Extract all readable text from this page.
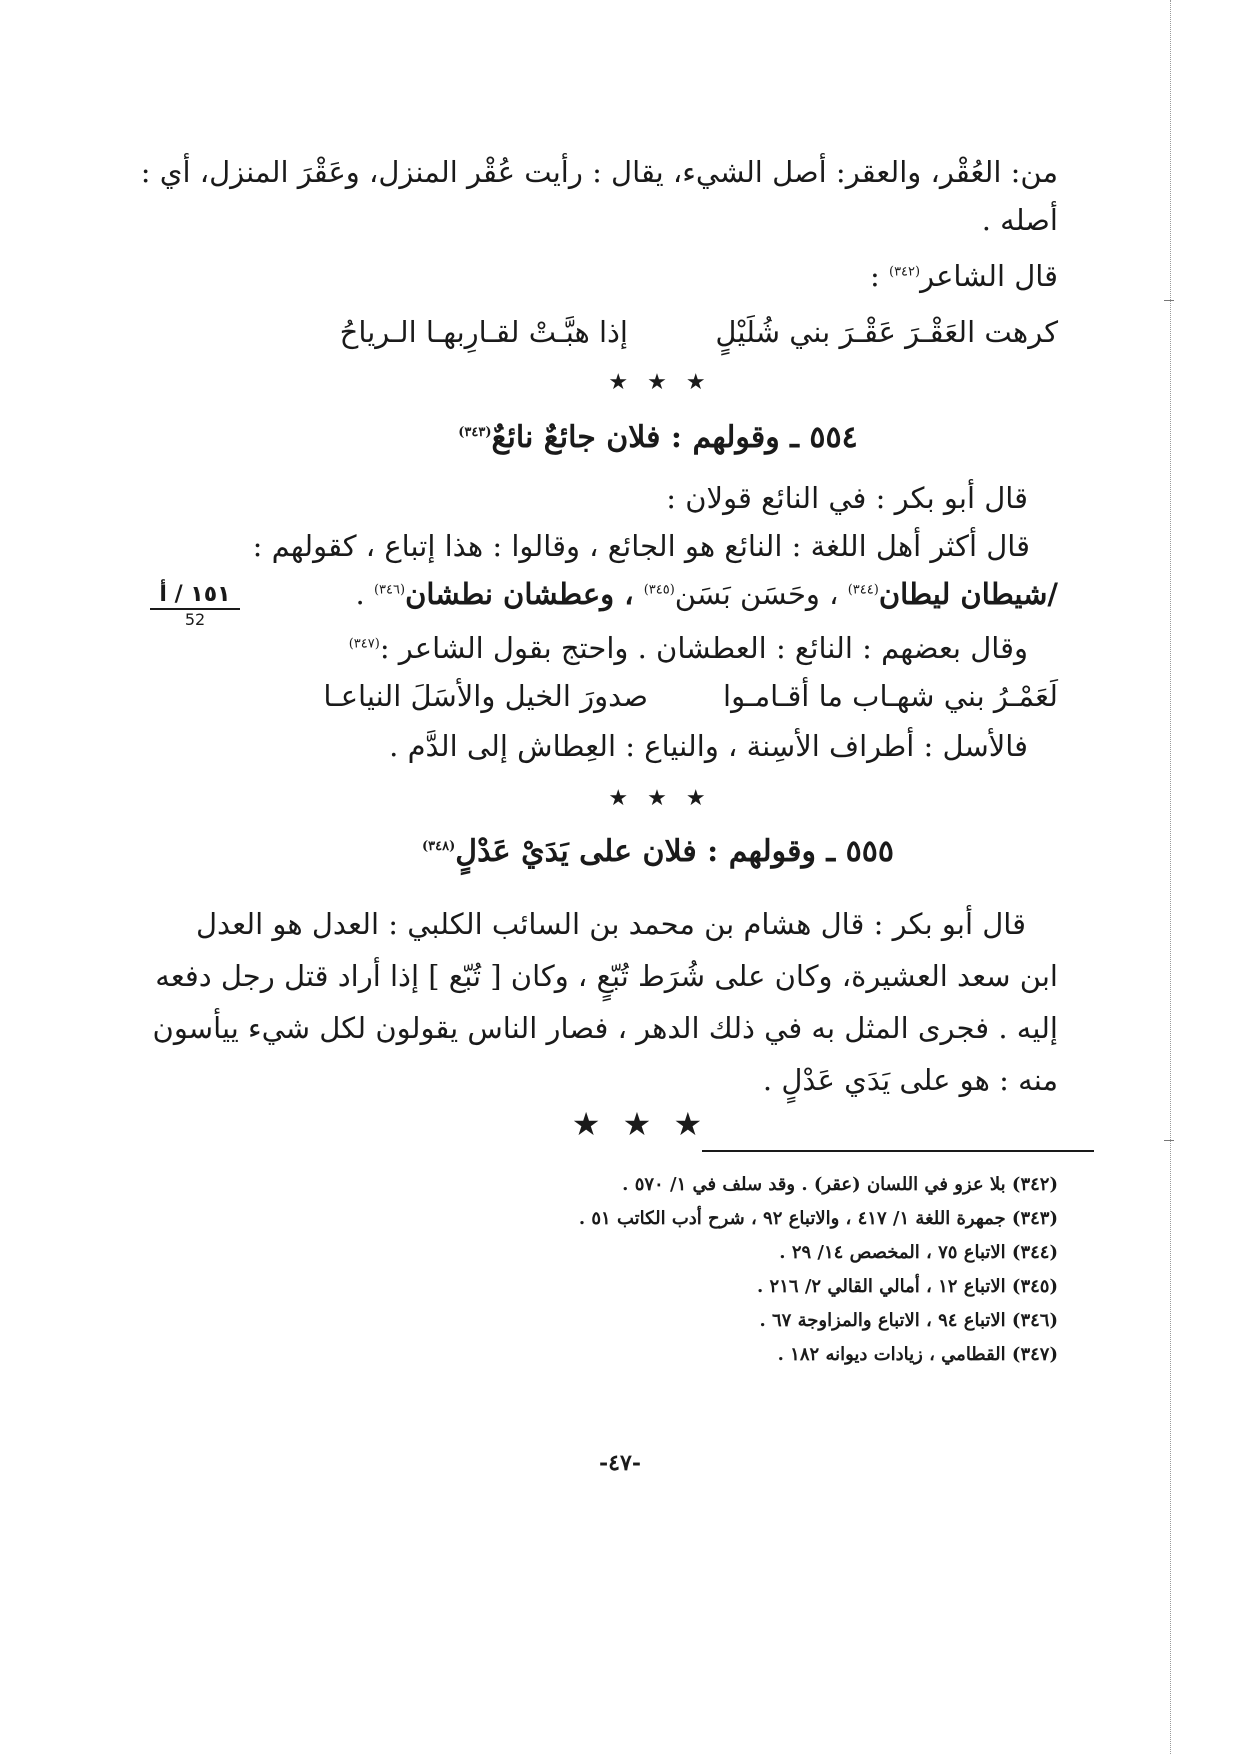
من: العُقْر، والعقر: أصل الشيء، يقال : رأيت عُقْر المنزل، وعَقْرَ المنزل، أي :
أصله .
قال الشاعر$^{(٣٤٢)}$ :
كرهت العَقْـرَ عَقْـرَ بني شُلَيْلٍ
إذا هبَّـتْ لقـارِبهـا الـرياحُ
★ ★ ★
٥٥٤ ـ وقولهم : فلان جائعٌ نائعٌ$^{(٣٤٣)}$
قال أبو بكر : في النائع قولان :
قال أكثر أهل اللغة : النائع هو الجائع ، وقالوا : هذا إتباع ، كقولهم :
/شيطان ليطان$^{(٣٤٤)}$ ، وحَسَن بَسَن$^{(٣٤٥)}$ ، وعطشان نطشان$^{(٣٤٦)}$ .
١٥١ / أ
52
وقال بعضهم : النائع : العطشان . واحتج بقول الشاعر :$^{(٣٤٧)}$
لَعَمْـرُ بني شهـاب ما أقـامـوا
صدورَ الخيل والأسَلَ النياعـا
فالأسل : أطراف الأسِنة ، والنياع : العِطاش إلى الدَّم .
★ ★ ★
٥٥٥ ـ وقولهم : فلان على يَدَيْ عَدْلٍ$^{(٣٤٨)}$
قال أبو بكر : قال هشام بن محمد بن السائب الكلبي : العدل هو العدل
ابن سعد العشيرة، وكان على شُرَط تُبّعٍ ، وكان [ تُبّع ] إذا أراد قتل رجل دفعه
إليه . فجرى المثل به في ذلك الدهر ، فصار الناس يقولون لكل شيء ييأسون
منه : هو على يَدَي عَدْلٍ .
★ ★ ★
(٣٤٢) بلا عزو في اللسان (عقر) . وقد سلف في ١/ ٥٧٠ .
(٣٤٣) جمهرة اللغة ١/ ٤١٧ ، والاتباع ٩٢ ، شرح أدب الكاتب ٥١ .
(٣٤٤) الاتباع ٧٥ ، المخصص ١٤/ ٢٩ .
(٣٤٥) الاتباع ١٢ ، أمالي القالي ٢/ ٢١٦ .
(٣٤٦) الاتباع ٩٤ ، الاتباع والمزاوجة ٦٧ .
(٣٤٧) القطامي ، زيادات ديوانه ١٨٢ .
-٤٧-
